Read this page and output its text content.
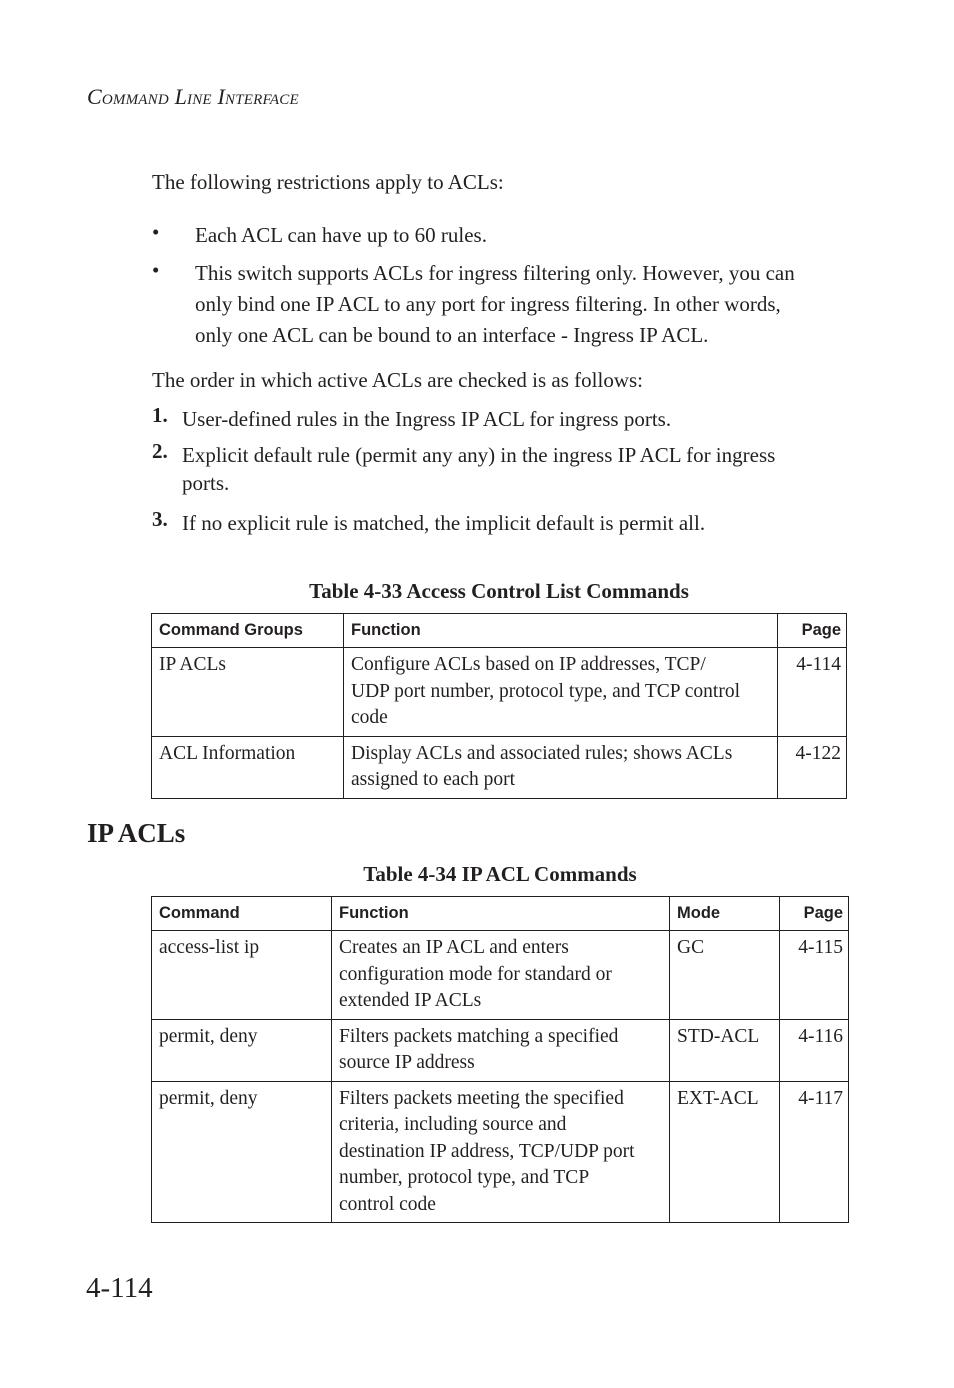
Command Line Interface
The following restrictions apply to ACLs:
• Each ACL can have up to 60 rules.
• This switch supports ACLs for ingress filtering only. However, you can
only bind one IP ACL to any port for ingress filtering. In other words,
only one ACL can be bound to an interface - Ingress IP ACL.
The order in which active ACLs are checked is as follows:
1. User-defined rules in the Ingress IP ACL for ingress ports.
2. Explicit default rule (permit any any) in the ingress IP ACL for ingress
ports.
3. If no explicit rule is matched, the implicit default is permit all.
Table 4-33 Access Control List Commands
Command Groups	Function	Page
IP ACLs	Configure ACLs based on IP addresses, TCP/
UDP port number, protocol type, and TCP control
code	4-114
ACL Information	Display ACLs and associated rules; shows ACLs
assigned to each port	4-122
IP ACLs
Table 4-34 IP ACL Commands
Command	Function	Mode	Page
access-list ip	Creates an IP ACL and enters
configuration mode for standard or
extended IP ACLs	GC	4-115
permit, deny	Filters packets matching a specified
source IP address	STD-ACL	4-116
permit, deny	Filters packets meeting the specified
criteria, including source and
destination IP address, TCP/UDP port
number, protocol type, and TCP
control code	EXT-ACL	4-117
4-114
